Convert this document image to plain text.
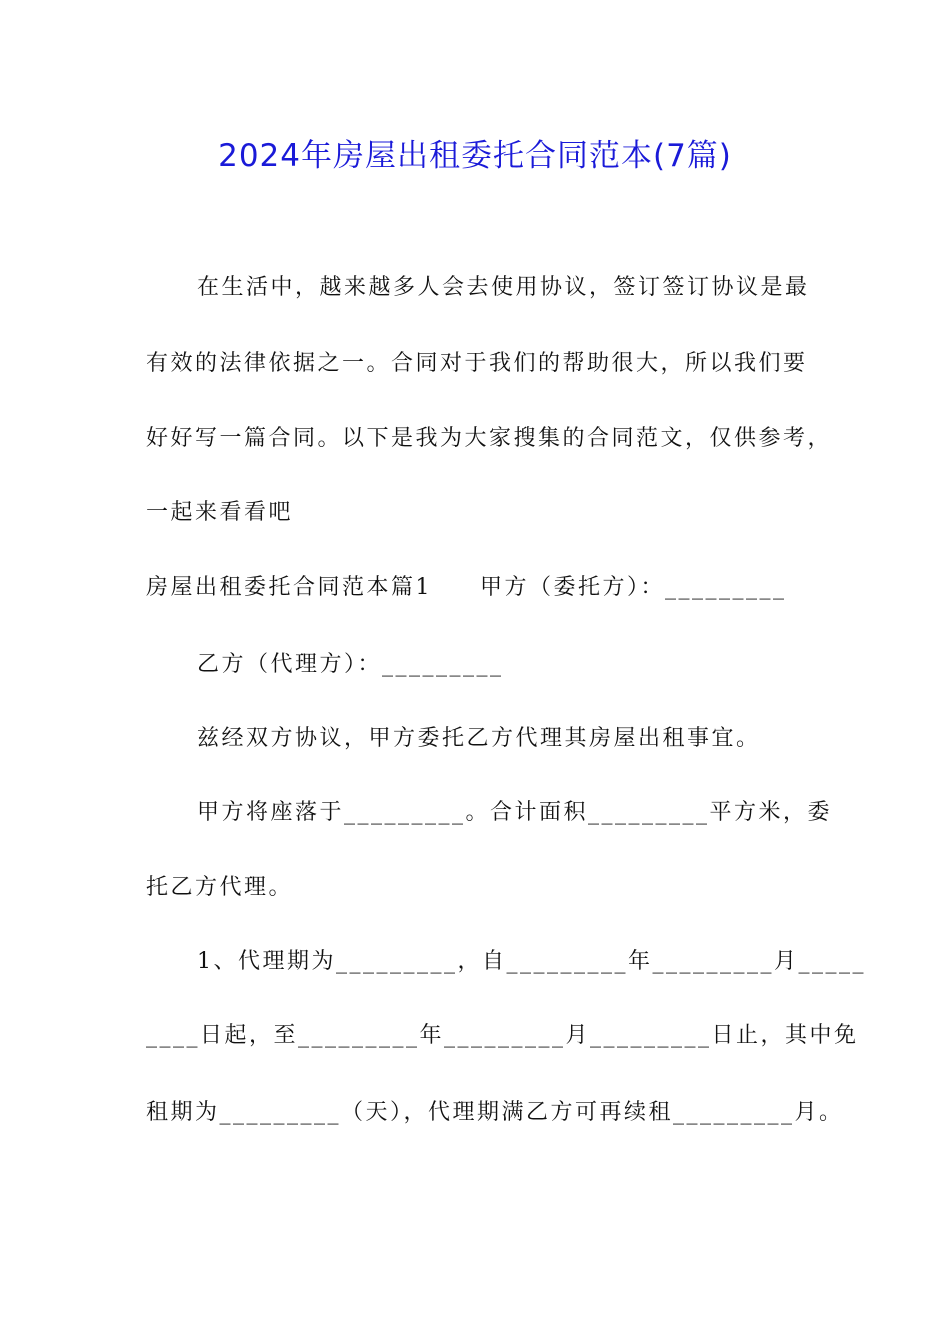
2024年房屋出租委托合同范本(7篇)
在生活中，越来越多人会去使用协议，签订签订协议是最
有效的法律依据之一。合同对于我们的帮助很大，所以我们要
好好写一篇合同。以下是我为大家搜集的合同范文，仅供参考，
一起来看看吧
房屋出租委托合同范本篇1 甲方（委托方）：_________
乙方（代理方）：_________
兹经双方协议，甲方委托乙方代理其房屋出租事宜。
甲方将座落于_________。合计面积_________平方米，委
托乙方代理。
1、代理期为_________，自_________年_________月_____
____日起，至_________年_________月_________日止，其中免
租期为_________（天），代理期满乙方可再续租_________月。
